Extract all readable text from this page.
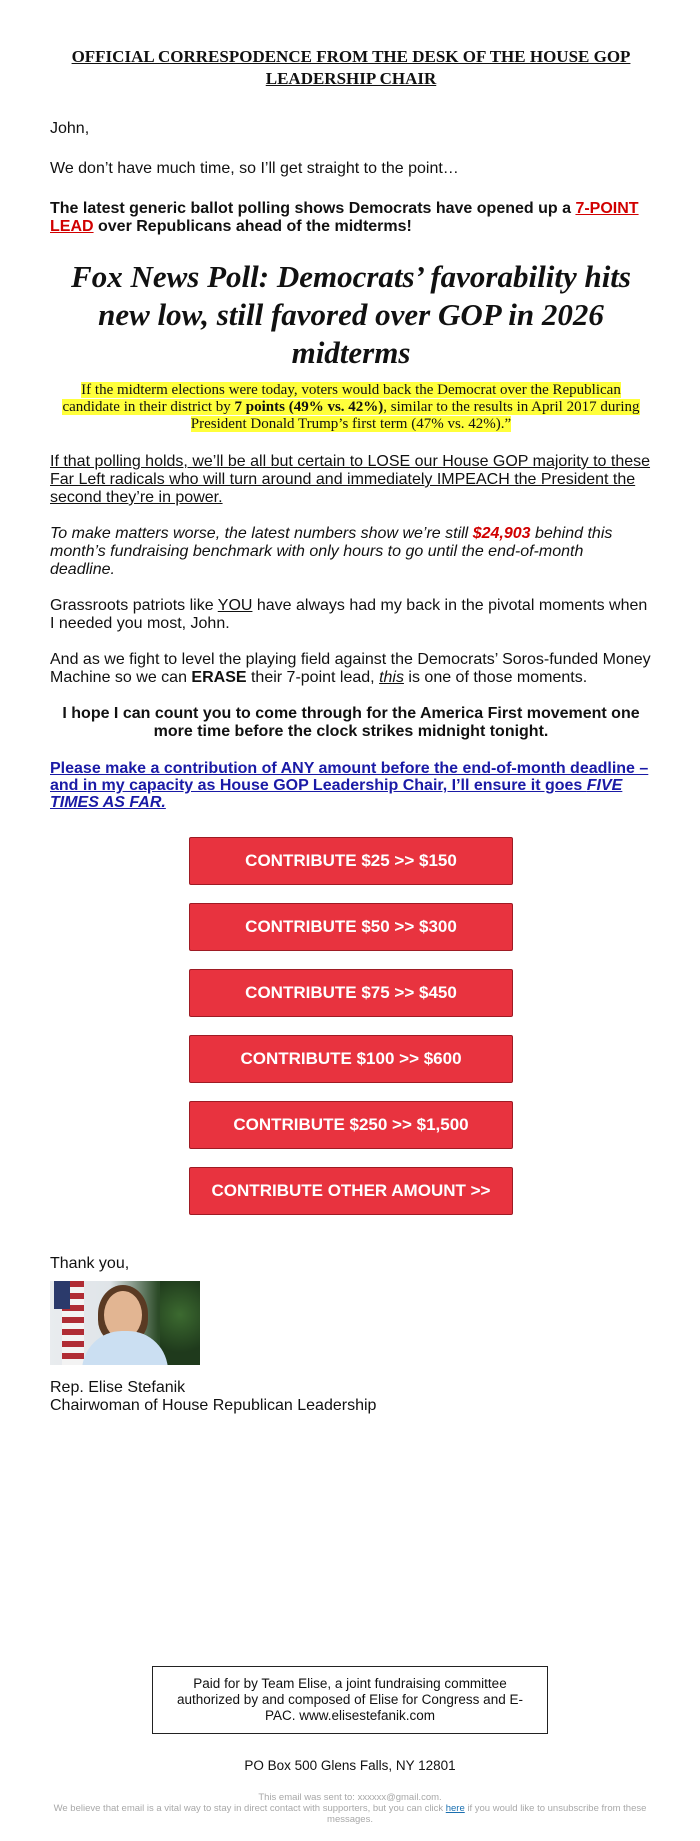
OFFICIAL CORRESPODENCE FROM THE DESK OF THE HOUSE GOP LEADERSHIP CHAIR

John,

We don’t have much time, so I’ll get straight to the point…

The latest generic ballot polling shows Democrats have opened up a 7-POINT LEAD over Republicans ahead of the midterms!

Fox News Poll: Democrats’ favorability hits new low, still favored over GOP in 2026 midterms

If the midterm elections were today, voters would back the Democrat over the Republican candidate in their district by 7 points (49% vs. 42%), similar to the results in April 2017 during President Donald Trump’s first term (47% vs. 42%).”

If that polling holds, we’ll be all but certain to LOSE our House GOP majority to these Far Left radicals who will turn around and immediately IMPEACH the President the second they’re in power.

To make matters worse, the latest numbers show we’re still $24,903 behind this month’s fundraising benchmark with only hours to go until the end-of-month deadline.

Grassroots patriots like YOU have always had my back in the pivotal moments when I needed you most, John.

And as we fight to level the playing field against the Democrats’ Soros-funded Money Machine so we can ERASE their 7-point lead, this is one of those moments.

I hope I can count you to come through for the America First movement one more time before the clock strikes midnight tonight.

Please make a contribution of ANY amount before the end-of-month deadline – and in my capacity as House GOP Leadership Chair, I’ll ensure it goes FIVE TIMES AS FAR.
CONTRIBUTE $25 >> $150
CONTRIBUTE $50 >> $300
CONTRIBUTE $75 >> $450
CONTRIBUTE $100 >> $600
CONTRIBUTE $250 >> $1,500
CONTRIBUTE OTHER AMOUNT >>

Thank you,

Rep. Elise Stefanik

Chairwoman of House Republican Leadership

Paid for by Team Elise, a joint fundraising committee authorized by and composed of Elise for Congress and E-PAC. www.elisestefanik.com
PO Box 500 Glens Falls, NY 12801
This email was sent to: xxxxxx@gmail.com.
We believe that email is a vital way to stay in direct contact with supporters, but you can click here if you would like to unsubscribe from these messages.
